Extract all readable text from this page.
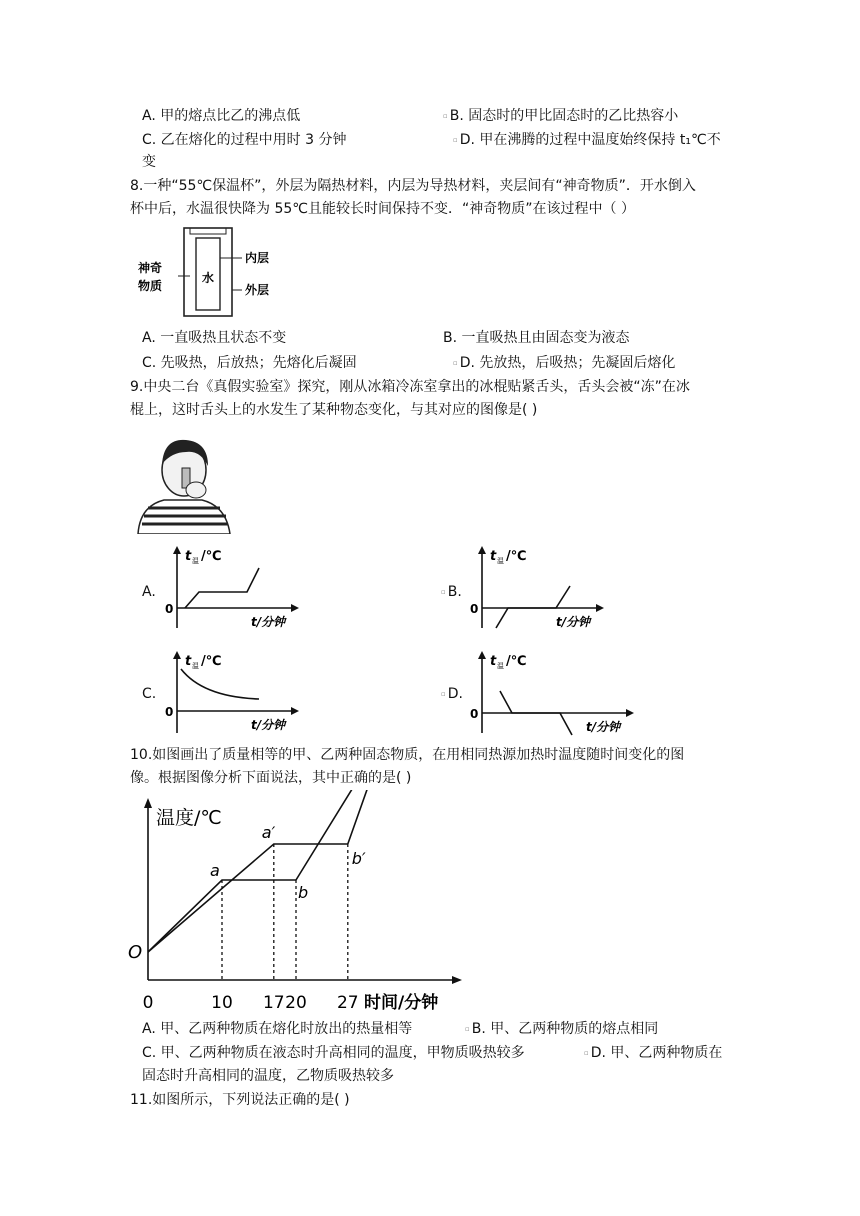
A. 甲的熔点比乙的沸点低	▫ B. 固态时的甲比固态时的乙比热容小
C. 乙在熔化的过程中用时 3 分钟	▫ D. 甲在沸腾的过程中温度始终保持 t₁℃不
变
8.一种“55℃保温杯”，外层为隔热材料，内层为导热材料，夹层间有“神奇物质”．开水倒入
杯中后，水温很快降为 55℃且能较长时间保持不变．“神奇物质”在该过程中（ ）
神奇
物质
水
内层
外层
A. 一直吸热且状态不变	B. 一直吸热且由固态变为液态
C. 先吸热，后放热；先熔化后凝固	▫ D. 先放热，后吸热；先凝固后熔化
9.中央二台《真假实验室》探究，刚从冰箱冷冻室拿出的冰棍贴紧舌头，舌头会被“冻”在冰
棍上，这时舌头上的水发生了某种物态变化，与其对应的图像是( )
A.
t 温 /℃
0
t/分钟
▫ B.
t 温 /℃
0
t/分钟
C.
t 温 /℃
0
t/分钟
▫ D.
t 温 /℃
0
t/分钟
10.如图画出了质量相等的甲、乙两种固态物质，在用相同热源加热时温度随时间变化的图
像。根据图像分析下面说法，其中正确的是( )
温度/℃
时间/分钟
O
0	10 17 20 27
a
b
a′
b′
A. 甲、乙两种物质在熔化时放出的热量相等	▫ B. 甲、乙两种物质的熔点相同
C. 甲、乙两种物质在液态时升高相同的温度，甲物质吸热较多	▫ D. 甲、乙两种物质在
固态时升高相同的温度，乙物质吸热较多
11.如图所示，下列说法正确的是( )
